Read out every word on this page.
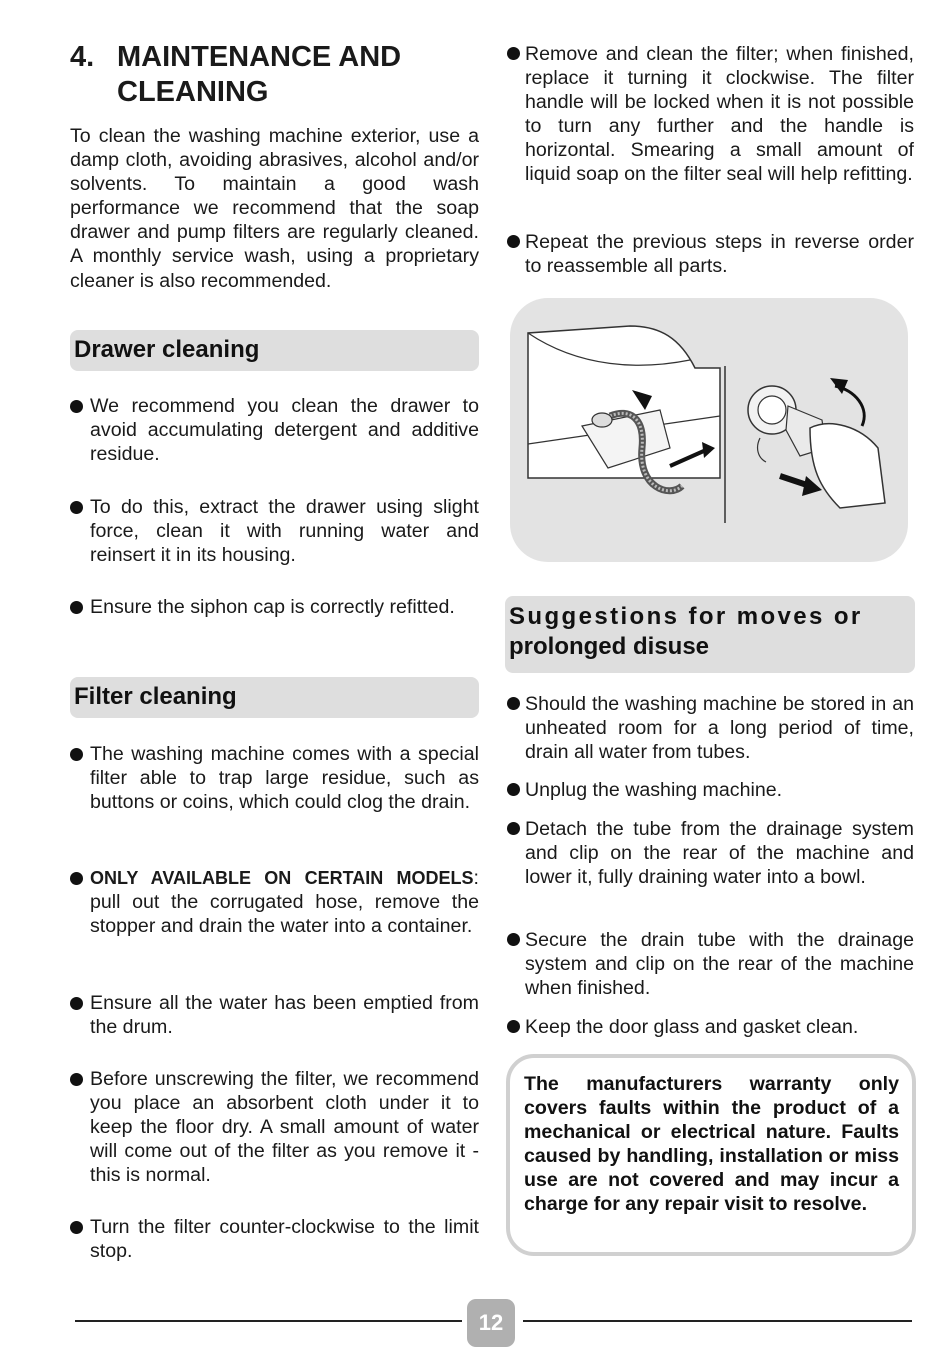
4. MAINTENANCE AND CLEANING

To clean the washing machine exterior, use a damp cloth, avoiding abrasives, alcohol and/or solvents. To maintain a good wash performance we recommend that the soap drawer and pump filters are regularly cleaned. A monthly service wash, using a proprietary cleaner is also recommended.

Drawer cleaning

We recommend you clean the drawer to avoid accumulating detergent and additive residue.

To do this, extract the drawer using slight force, clean it with running water and reinsert it in its housing.

Ensure the siphon cap is correctly refitted.

Filter cleaning

The washing machine comes with a special filter able to trap large residue, such as buttons or coins, which could clog the drain.

ONLY AVAILABLE ON CERTAIN MODELS: pull out the corrugated hose, remove the stopper and drain the water into a container.

Ensure all the water has been emptied from the drum.

Before unscrewing the filter, we recommend you place an absorbent cloth under it to keep the floor dry. A small amount of water will come out of the filter as you remove it - this is normal.

Turn the filter counter-clockwise to the limit stop.

Remove and clean the filter; when finished, replace it turning it clockwise. The filter handle will be locked when it is not possible to turn any further and the handle is horizontal. Smearing a small amount of liquid soap on the filter seal will help refitting.

Repeat the previous steps in reverse order to reassemble all parts.

Suggestions for moves or
prolonged disuse

Should the washing machine be stored in an unheated room for a long period of time, drain all water from tubes.

Unplug the washing machine.

Detach the tube from the drainage system and clip on the rear of the machine and lower it, fully draining water into a bowl.

Secure the drain tube with the drainage system and clip on the rear of the machine when finished.

Keep the door glass and gasket clean.

The manufacturers warranty only covers faults within the product of a mechanical or electrical nature. Faults caused by handling, installation or miss use are not covered and may incur a charge for any repair visit to resolve.
12
